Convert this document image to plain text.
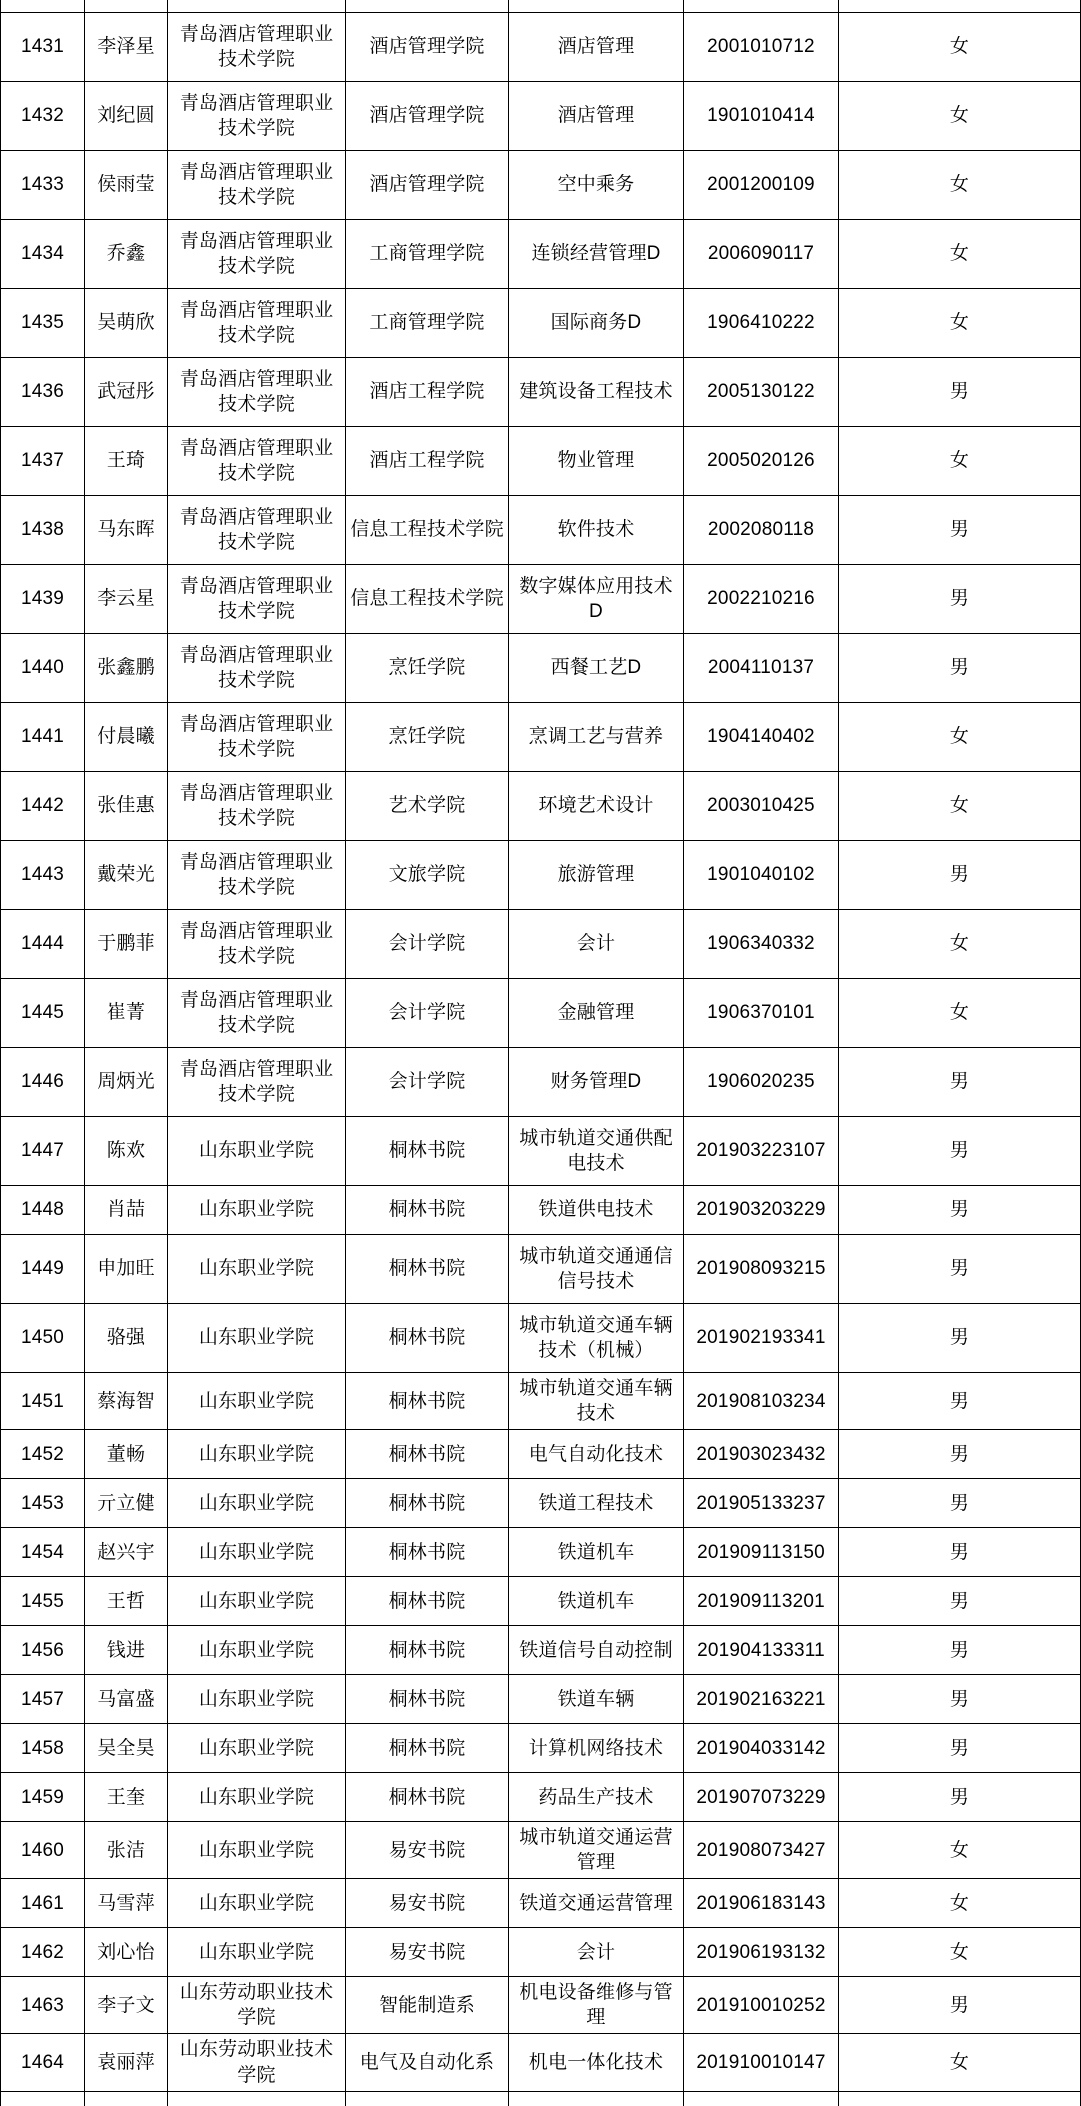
1431	李泽星	青岛酒店管理职业技术学院	酒店管理学院	酒店管理	2001010712	女
1432	刘纪圆	青岛酒店管理职业技术学院	酒店管理学院	酒店管理	1901010414	女
1433	侯雨莹	青岛酒店管理职业技术学院	酒店管理学院	空中乘务	2001200109	女
1434	乔鑫	青岛酒店管理职业技术学院	工商管理学院	连锁经营管理D	2006090117	女
1435	吴萌欣	青岛酒店管理职业技术学院	工商管理学院	国际商务D	1906410222	女
1436	武冠彤	青岛酒店管理职业技术学院	酒店工程学院	建筑设备工程技术	2005130122	男
1437	王琦	青岛酒店管理职业技术学院	酒店工程学院	物业管理	2005020126	女
1438	马东晖	青岛酒店管理职业技术学院	信息工程技术学院	软件技术	2002080118	男
1439	李云星	青岛酒店管理职业技术学院	信息工程技术学院	数字媒体应用技术D	2002210216	男
1440	张鑫鹏	青岛酒店管理职业技术学院	烹饪学院	西餐工艺D	2004110137	男
1441	付晨曦	青岛酒店管理职业技术学院	烹饪学院	烹调工艺与营养	1904140402	女
1442	张佳惠	青岛酒店管理职业技术学院	艺术学院	环境艺术设计	2003010425	女
1443	戴荣光	青岛酒店管理职业技术学院	文旅学院	旅游管理	1901040102	男
1444	于鹏菲	青岛酒店管理职业技术学院	会计学院	会计	1906340332	女
1445	崔菁	青岛酒店管理职业技术学院	会计学院	金融管理	1906370101	女
1446	周炳光	青岛酒店管理职业技术学院	会计学院	财务管理D	1906020235	男
1447	陈欢	山东职业学院	桐林书院	城市轨道交通供配电技术	201903223107	男
1448	肖喆	山东职业学院	桐林书院	铁道供电技术	201903203229	男
1449	申加旺	山东职业学院	桐林书院	城市轨道交通通信信号技术	201908093215	男
1450	骆强	山东职业学院	桐林书院	城市轨道交通车辆技术（机械）	201902193341	男
1451	蔡海智	山东职业学院	桐林书院	城市轨道交通车辆技术	201908103234	男
1452	董畅	山东职业学院	桐林书院	电气自动化技术	201903023432	男
1453	亓立健	山东职业学院	桐林书院	铁道工程技术	201905133237	男
1454	赵兴宇	山东职业学院	桐林书院	铁道机车	201909113150	男
1455	王哲	山东职业学院	桐林书院	铁道机车	201909113201	男
1456	钱进	山东职业学院	桐林书院	铁道信号自动控制	201904133311	男
1457	马富盛	山东职业学院	桐林书院	铁道车辆	201902163221	男
1458	吴全昊	山东职业学院	桐林书院	计算机网络技术	201904033142	男
1459	王奎	山东职业学院	桐林书院	药品生产技术	201907073229	男
1460	张洁	山东职业学院	易安书院	城市轨道交通运营管理	201908073427	女
1461	马雪萍	山东职业学院	易安书院	铁道交通运营管理	201906183143	女
1462	刘心怡	山东职业学院	易安书院	会计	201906193132	女
1463	李子文	山东劳动职业技术学院	智能制造系	机电设备维修与管理	201910010252	男
1464	袁丽萍	山东劳动职业技术学院	电气及自动化系	机电一体化技术	201910010147	女
